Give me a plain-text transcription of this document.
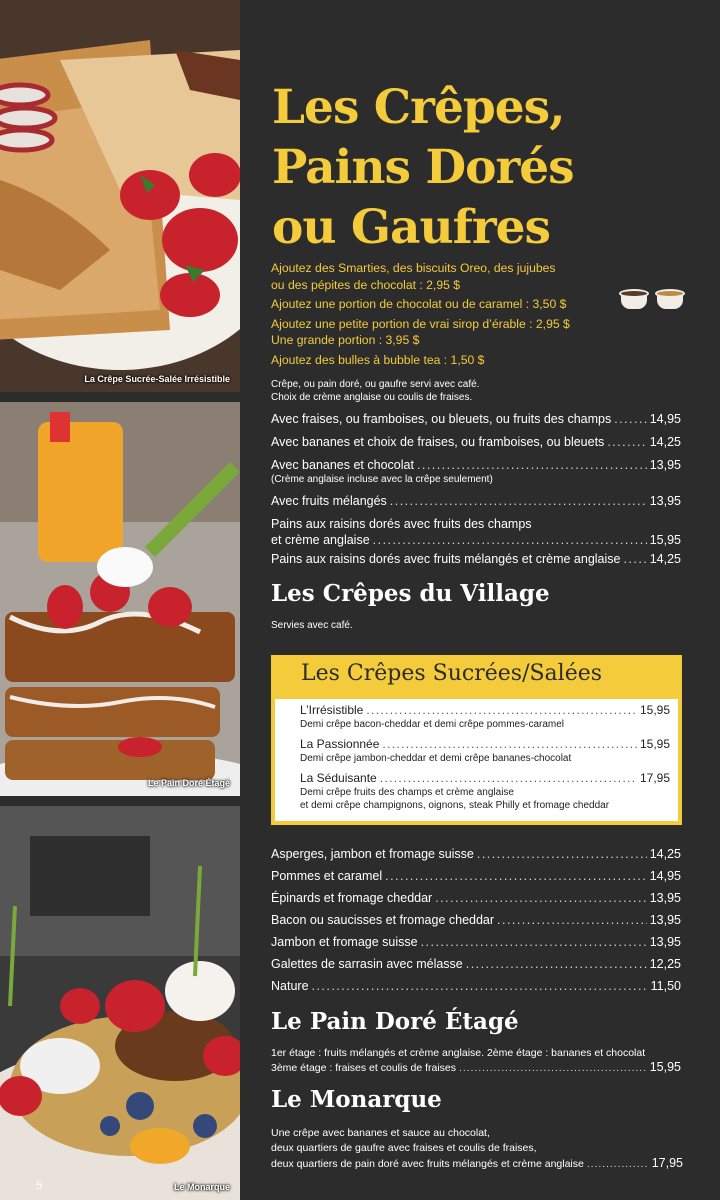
La Crêpe Sucrée-Salée Irrésistible
Le Pain Doré Étagé
5	Le Monarque
Les Crêpes,
Pains Dorés
ou Gaufres
Ajoutez des Smarties, des biscuits Oreo, des jujubes
ou des pépites de chocolat : 2,95 $
Ajoutez une portion de chocolat ou de caramel : 3,50 $
Ajoutez une petite portion de vrai sirop d’érable : 2,95 $
Une grande portion : 3,95 $
Ajoutez des bulles à bubble tea : 1,50 $
Crêpe, ou pain doré, ou gaufre servi avec café.
Choix de crème anglaise ou coulis de fraises.
Avec fraises, ou framboises, ou bleuets, ou fruits des champs . . .	14,95
Avec bananes et choix de fraises, ou framboises, ou bleuets . . .	14,25
Avec bananes et chocolat . . .	13,95
(Crème anglaise incluse avec la crêpe seulement)
Avec fruits mélangés . . .	13,95
Pains aux raisins dorés avec fruits des champs
et crème anglaise . . .	15,95
Pains aux raisins dorés avec fruits mélangés et crème anglaise . . . 14,25
Les Crêpes du Village
Servies avec café.
Les Crêpes Sucrées/Salées
L’Irrésistible . . .	15,95
Demi crêpe bacon-cheddar et demi crêpe pommes-caramel
La Passionnée . . .	15,95
Demi crêpe jambon-cheddar et demi crêpe bananes-chocolat
La Séduisante . . .	17,95
Demi crêpe fruits des champs et crème anglaise
et demi crêpe champignons, oignons, steak Philly et fromage cheddar
Asperges, jambon et fromage suisse . . .	14,25
Pommes et caramel . . .	14,95
Épinards et fromage cheddar . . .	13,95
Bacon ou saucisses et fromage cheddar . . .	13,95
Jambon et fromage suisse . . .	13,95
Galettes de sarrasin avec mélasse . . .	12,25
Nature . . .	11,50
Le Pain Doré Étagé
1er étage : fruits mélangés et crème anglaise. 2ème étage : bananes et chocolat
3ème étage : fraises et coulis de fraises . . .	15,95
Le Monarque
Une crêpe avec bananes et sauce au chocolat,
deux quartiers de gaufre avec fraises et coulis de fraises,
deux quartiers de pain doré avec fruits mélangés et crème anglaise . . .	17,95
